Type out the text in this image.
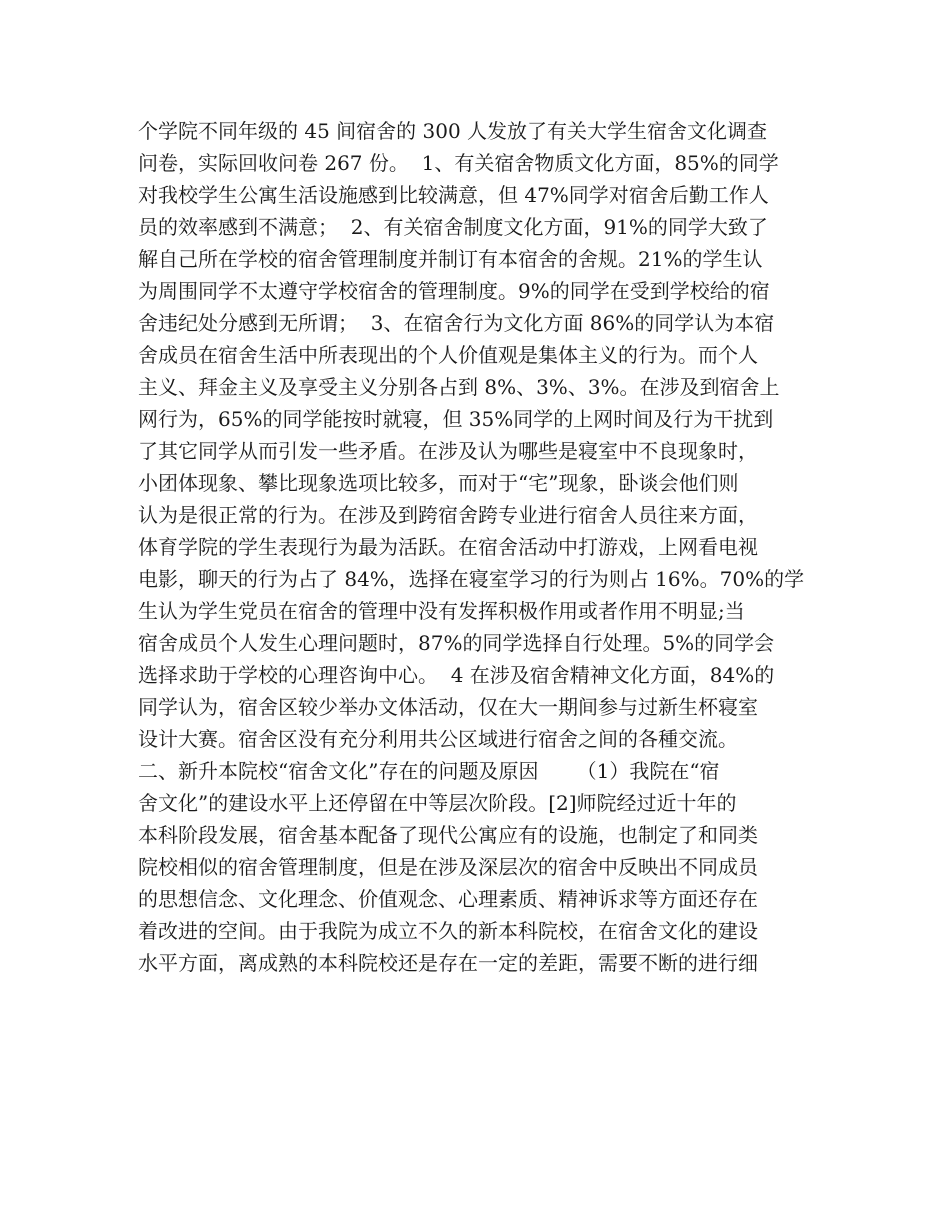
个学院不同年级的 45 间宿舍的 300 人发放了有关大学生宿舍文化调查
问卷，实际回收问卷 267 份。  1、有关宿舍物质文化方面，85%的同学
对我校学生公寓生活设施感到比较满意，但 47%同学对宿舍后勤工作人
员的效率感到不满意；  2、有关宿舍制度文化方面，91%的同学大致了
解自己所在学校的宿舍管理制度并制订有本宿舍的舍规。21%的学生认
为周围同学不太遵守学校宿舍的管理制度。9%的同学在受到学校给的宿
舍违纪处分感到无所谓；  3、在宿舍行为文化方面 86%的同学认为本宿
舍成员在宿舍生活中所表现出的个人价值观是集体主义的行为。而个人
主义、拜金主义及享受主义分别各占到 8%、3%、3%。在涉及到宿舍上
网行为，65%的同学能按时就寝，但 35%同学的上网时间及行为干扰到
了其它同学从而引发一些矛盾。在涉及认为哪些是寝室中不良现象时，
小团体现象、攀比现象选项比较多，而对于“宅”现象，卧谈会他们则
认为是很正常的行为。在涉及到跨宿舍跨专业进行宿舍人员往来方面，
体育学院的学生表现行为最为活跃。在宿舍活动中打游戏，上网看电视
电影，聊天的行为占了 84%，选择在寝室学习的行为则占 16%。70%的学
生认为学生党员在宿舍的管理中没有发挥积极作用或者作用不明显;当
宿舍成员个人发生心理问题时，87%的同学选择自行处理。5%的同学会
选择求助于学校的心理咨询中心。  4 在涉及宿舍精神文化方面，84%的
同学认为，宿舍区较少举办文体活动，仅在大一期间参与过新生杯寝室
设计大赛。宿舍区没有充分利用共公区域进行宿舍之间的各種交流。
二、新升本院校“宿舍文化”存在的问题及原因      （1）我院在“宿
舍文化”的建设水平上还停留在中等层次阶段。[2]师院经过近十年的
本科阶段发展，宿舍基本配备了现代公寓应有的设施，也制定了和同类
院校相似的宿舍管理制度，但是在涉及深层次的宿舍中反映出不同成员
的思想信念、文化理念、价值观念、心理素质、精神诉求等方面还存在
着改进的空间。由于我院为成立不久的新本科院校，在宿舍文化的建设
水平方面，离成熟的本科院校还是存在一定的差距，需要不断的进行细
